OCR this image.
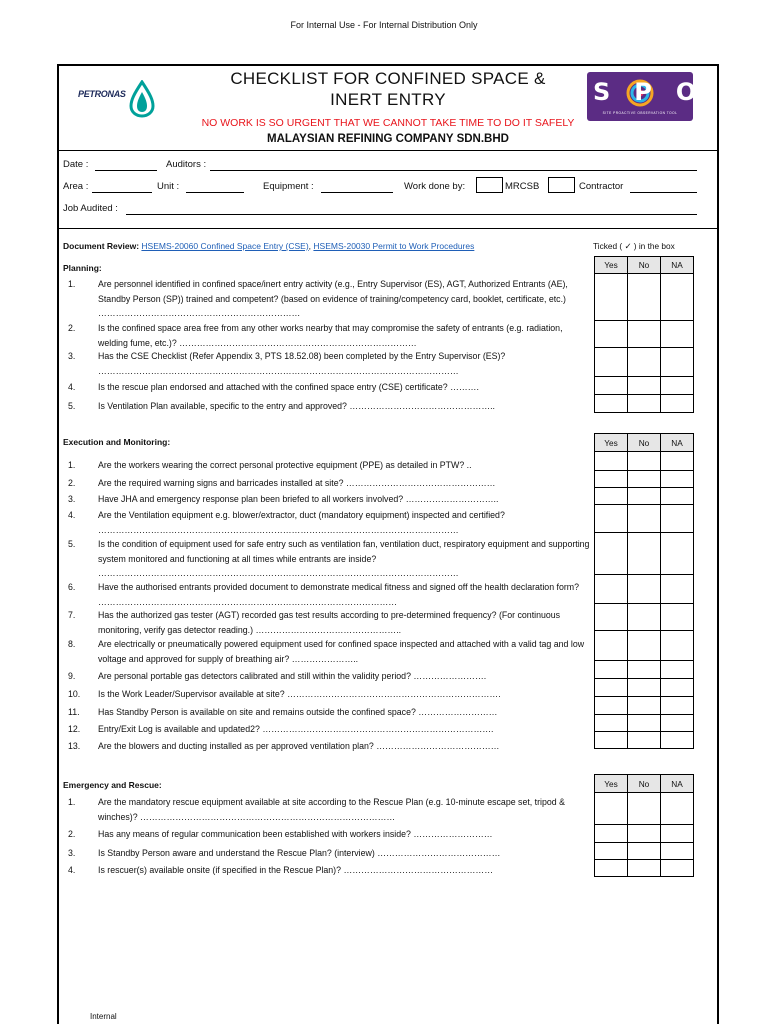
For Internal Use - For Internal Distribution Only
PETRONAS
CHECKLIST FOR CONFINED SPACE &
INERT ENTRY
NO WORK IS SO URGENT THAT WE CANNOT TAKE TIME TO DO IT SAFELY
MALAYSIAN REFINING COMPANY SDN.BHD
SPOT
SITE PROACTIVE OBSERVATION TOOL
Date :	Auditors :
Area :	Unit :	Equipment :	Work done by:	MRCSB	Contractor
Job Audited :
Document Review: HSEMS-20060 Confined Space Entry (CSE), HSEMS-20030 Permit to Work Procedures	Ticked ( ✓ ) in the box
Planning:
1.	Are personnel identified in confined space/inert entry activity (e.g., Entry Supervisor (ES), AGT, Authorized Entrants (AE), Standby Person (SP)) trained and competent? (based on evidence of training/competency card, booklet, certificate, etc.) ……………………………………………………………
2.	Is the confined space area free from any other works nearby that may compromise the safety of entrants (e.g. radiation, welding fume, etc.)? ………………………………………………………………………
3.	Has the CSE Checklist (Refer Appendix 3, PTS 18.52.08) been completed by the Entry Supervisor (ES)? ……………………………………………………………………………………………………………
4.	Is the rescue plan endorsed and attached with the confined space entry (CSE) certificate? ……….
5.	Is Ventilation Plan available, specific to the entry and approved? …………………………………………..
Yes	No	NA

Execution and Monitoring:
1.	Are the workers wearing the correct personal protective equipment (PPE) as detailed in PTW? ..
2.	Are the required warning signs and barricades installed at site? ……………………………………………
3.	Have JHA and emergency response plan been briefed to all workers involved? …………………………..
4.	Are the Ventilation equipment e.g. blower/extractor, duct (mandatory equipment) inspected and certified? ……………………………………………………………………………………………………………
5.	Is the condition of equipment used for safe entry such as ventilation fan, ventilation duct, respiratory equipment and supporting system monitored and functioning at all times while entrants are inside? ……………………………………………………………………………………………………………
6.	Have the authorised entrants provided document to demonstrate medical fitness and signed off the health declaration form? …………………………………………………………………………………………
7.	Has the authorized gas tester (AGT) recorded gas test results according to pre-determined frequency? (For continuous monitoring, verify gas detector reading.) …………………………………………..
8.	Are electrically or pneumatically powered equipment used for confined space inspected and attached with a valid tag and low voltage and approved for supply of breathing air? …………………..
9.	Are personal portable gas detectors calibrated and still within the validity period? …………………….
10. Is the Work Leader/Supervisor available at site? ……………………………………………………………….
11. Has Standby Person is available on site and remains outside the confined space? ………………………
12. Entry/Exit Log is available and updated2? …………………………………………………………………….
13. Are the blowers and ducting installed as per approved ventilation plan? ……………………………………
Yes	No	NA

Emergency and Rescue:
1.	Are the mandatory rescue equipment available at site according to the Rescue Plan (e.g. 10-minute escape set, tripod & winches)? ……………………………………………………………………………
2.	Has any means of regular communication been established with workers inside? ………………………
3.	Is Standby Person aware and understand the Rescue Plan? (interview) ……………………………………
4.	Is rescuer(s) available onsite (if specified in the Rescue Plan)? ……………………………………………
Yes	No	NA

Internal
